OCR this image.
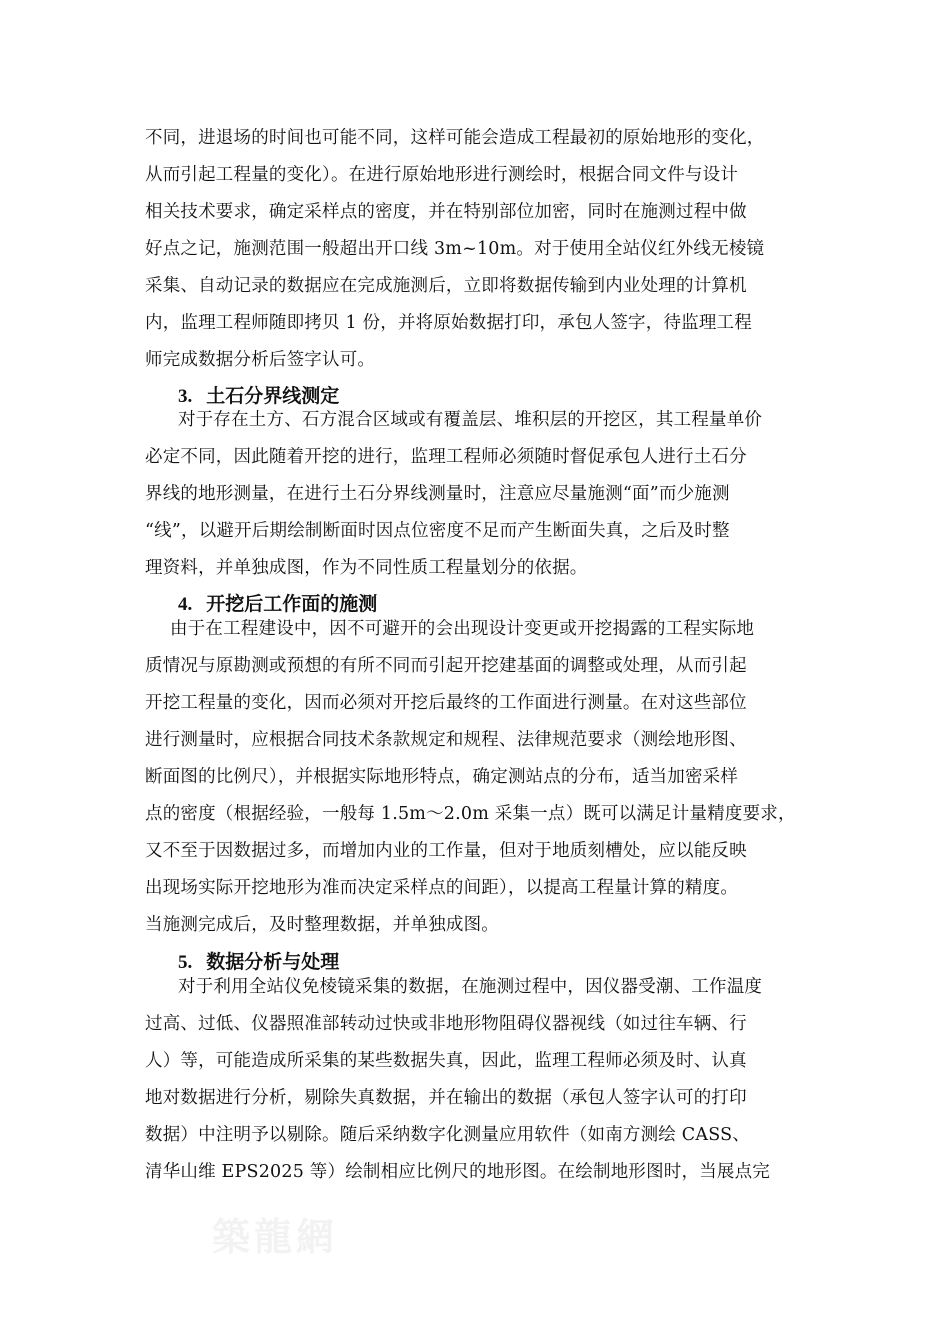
不同，进退场的时间也可能不同，这样可能会造成工程最初的原始地形的变化，
从而引起工程量的变化）。在进行原始地形进行测绘时，根据合同文件与设计
相关技术要求，确定采样点的密度，并在特别部位加密，同时在施测过程中做
好点之记，施测范围一般超出开口线 3m~10m。对于使用全站仪红外线无棱镜
采集、自动记录的数据应在完成施测后，立即将数据传输到内业处理的计算机
内，监理工程师随即拷贝 1 份，并将原始数据打印，承包人签字，待监理工程
师完成数据分析后签字认可。
3. 土石分界线测定
对于存在土方、石方混合区域或有覆盖层、堆积层的开挖区，其工程量单价
必定不同，因此随着开挖的进行，监理工程师必须随时督促承包人进行土石分
界线的地形测量，在进行土石分界线测量时，注意应尽量施测“面”而少施测
“线”，以避开后期绘制断面时因点位密度不足而产生断面失真，之后及时整
理资料，并单独成图，作为不同性质工程量划分的依据。
4. 开挖后工作面的施测
由于在工程建设中，因不可避开的会出现设计变更或开挖揭露的工程实际地
质情况与原勘测或预想的有所不同而引起开挖建基面的调整或处理，从而引起
开挖工程量的变化，因而必须对开挖后最终的工作面进行测量。在对这些部位
进行测量时，应根据合同技术条款规定和规程、法律规范要求（测绘地形图、
断面图的比例尺），并根据实际地形特点，确定测站点的分布，适当加密采样
点的密度（根据经验，一般每 1.5m～2.0m 采集一点）既可以满足计量精度要求，
又不至于因数据过多，而增加内业的工作量，但对于地质刻槽处，应以能反映
出现场实际开挖地形为准而决定采样点的间距），以提高工程量计算的精度。
当施测完成后，及时整理数据，并单独成图。
5. 数据分析与处理
对于利用全站仪免棱镜采集的数据，在施测过程中，因仪器受潮、工作温度
过高、过低、仪器照准部转动过快或非地形物阻碍仪器视线（如过往车辆、行
人）等，可能造成所采集的某些数据失真，因此，监理工程师必须及时、认真
地对数据进行分析，剔除失真数据，并在输出的数据（承包人签字认可的打印
数据）中注明予以剔除。随后采纳数字化测量应用软件（如南方测绘 CASS、
清华山维 EPS2025 等）绘制相应比例尺的地形图。在绘制地形图时，当展点完
築龍網
